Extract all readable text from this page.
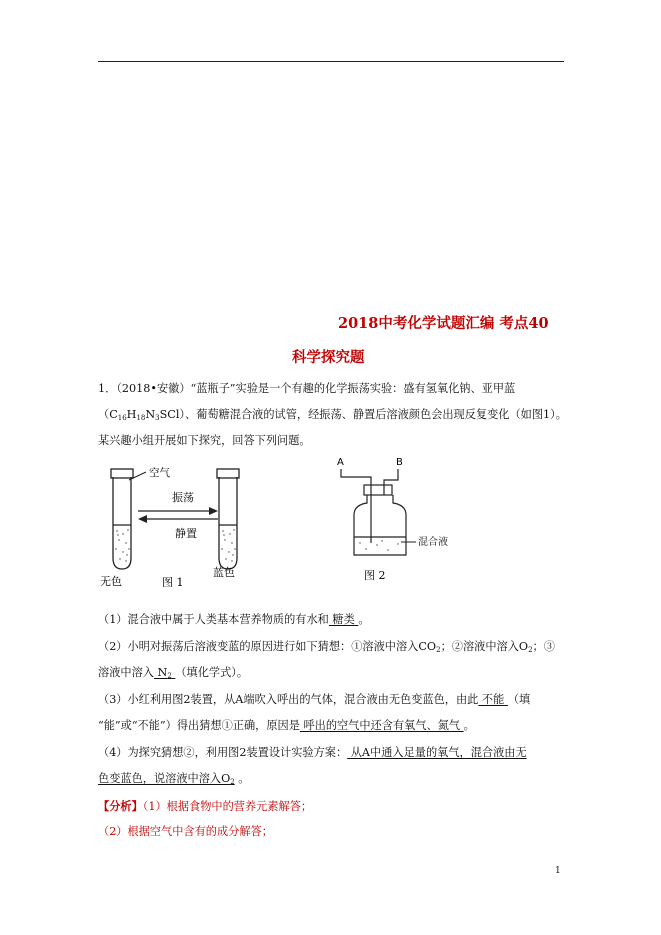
2018中考化学试题汇编 考点40
科学探究题
1．（2018•安徽）“蓝瓶子”实验是一个有趣的化学振荡实验：盛有氢氧化钠、亚甲蓝
$(C_{16}H_{18}N_3SCl)$、葡萄糖混合液的试管，经振荡、静置后溶液颜色会出现反复变化（如图1）。
某兴趣小组开展如下探究，回答下列问题。
空气
振荡
静置
无色
蓝色
图 1
A	B
图 2
混合液
（1）混合液中属于人类基本营养物质的有水和 糖类 。
（2）小明对振荡后溶液变蓝的原因进行如下猜想：①溶液中溶入$CO_2$；②溶液中溶入$O_2$；③
溶液中溶入 $N_2$ （填化学式）。
（3）小红利用图2装置，从A端吹入呼出的气体，混合液由无色变蓝色，由此 不能 （填
“能”或“不能”）得出猜想①正确，原因是 呼出的空气中还含有氧气、氮气 。
（4）为探究猜想②，利用图2装置设计实验方案： 从A中通入足量的氧气，混合液由无
色变蓝色，说溶液中溶入$O_2$ 。
【分析】（1）根据食物中的营养元素解答；
（2）根据空气中含有的成分解答；
1
